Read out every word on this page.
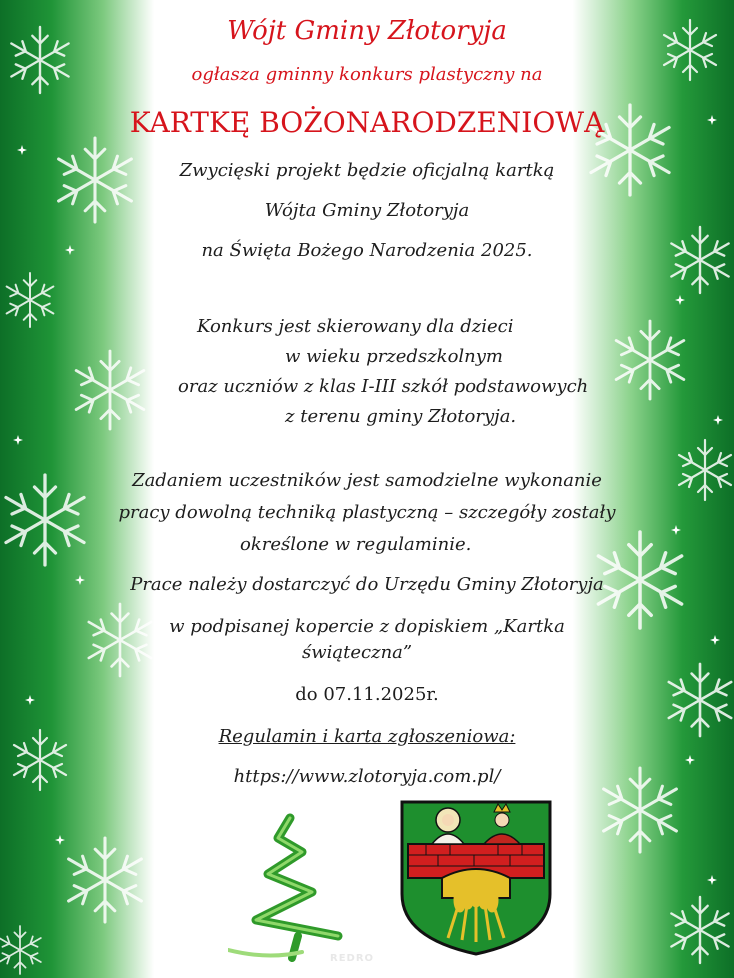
Wójt Gminy Złotoryja
ogłasza gminny konkurs plastyczny na
KARTKĘ BOŻONARODZENIOWĄ
Zwycięski projekt będzie oficjalną kartką
Wójta Gminy Złotoryja
na Święta Bożego Narodzenia 2025.
Konkurs jest skierowany dla dzieci
w wieku przedszkolnym
oraz uczniów z klas I-III szkół podstawowych
z terenu gminy Złotoryja.
Zadaniem uczestników jest samodzielne wykonanie
pracy dowolną techniką plastyczną – szczegóły zostały
określone w regulaminie.
Prace należy dostarczyć do Urzędu Gminy Złotoryja
w podpisanej kopercie z dopiskiem „Kartka
świąteczna”
do 07.11.2025r.
Regulamin i karta zgłoszeniowa:
https://www.zlotoryja.com.pl/
REDRO
